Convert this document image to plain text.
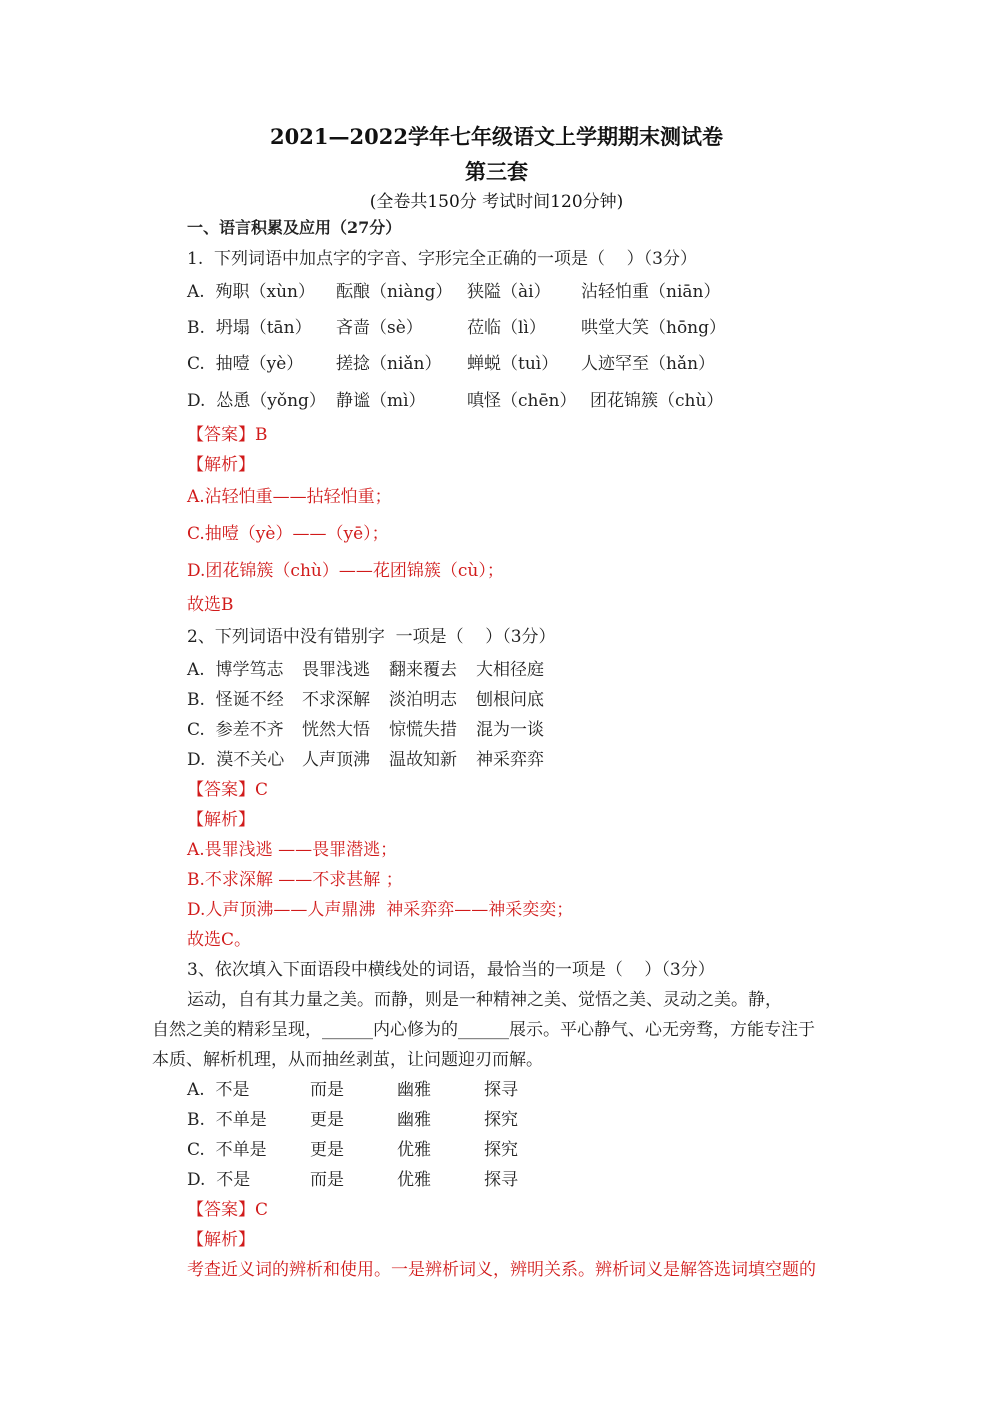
2021—2022学年七年级语文上学期期末测试卷
第三套
(全卷共150分 考试时间120分钟)
一、语言积累及应用（27分）
1.  下列词语中加点字的字音、字形完全正确的一项是（    ）（3分）
A.  殉职（xùn） 酝酿（niàng） 狭隘（ài） 沾轻怕重（niān）
B.  坍塌（tān） 吝啬（sè）	莅临（lì） 哄堂大笑（hōng）
C.  抽噎（yè） 搓捻（niǎn） 蝉蜕（tuì） 人迹罕至（hǎn）
D.  怂恿（yǒng） 静谧（mì） 嗔怪（chēn） 团花锦簇（chù）
【答案】B
【解析】
A.沾轻怕重——拈轻怕重；
C.抽噎（yè）——（yē）；
D.团花锦簇（chù）——花团锦簇（cù）；
故选B
2、下列词语中没有错别字  一项是（    ）（3分）
A.  博学笃志 畏罪浅逃 翻来覆去 大相径庭
B.  怪诞不经 不求深解 淡泊明志 刨根问底
C.  参差不齐 恍然大悟 惊慌失措 混为一谈
D.  漠不关心 人声顶沸 温故知新 神采弈弈
【答案】C
【解析】
A.畏罪浅逃 ——畏罪潜逃；
B.不求深解 ——不求甚解 ；
D.人声顶沸——人声鼎沸  神采弈弈——神采奕奕；
故选C。
3、依次填入下面语段中横线处的词语，最恰当的一项是（    ）（3分）
运动，自有其力量之美。而静，则是一种精神之美、觉悟之美、灵动之美。静，
自然之美的精彩呈现，______内心修为的______展示。平心静气、心无旁骛，方能专注于
本质、解析机理，从而抽丝剥茧，让问题迎刃而解。
A.  不是	而是	幽雅	探寻
B.  不单是	更是	幽雅	探究
C.  不单是	更是	优雅	探究
D.  不是	而是	优雅	探寻
【答案】C
【解析】
考查近义词的辨析和使用。一是辨析词义，辨明关系。辨析词义是解答选词填空题的
